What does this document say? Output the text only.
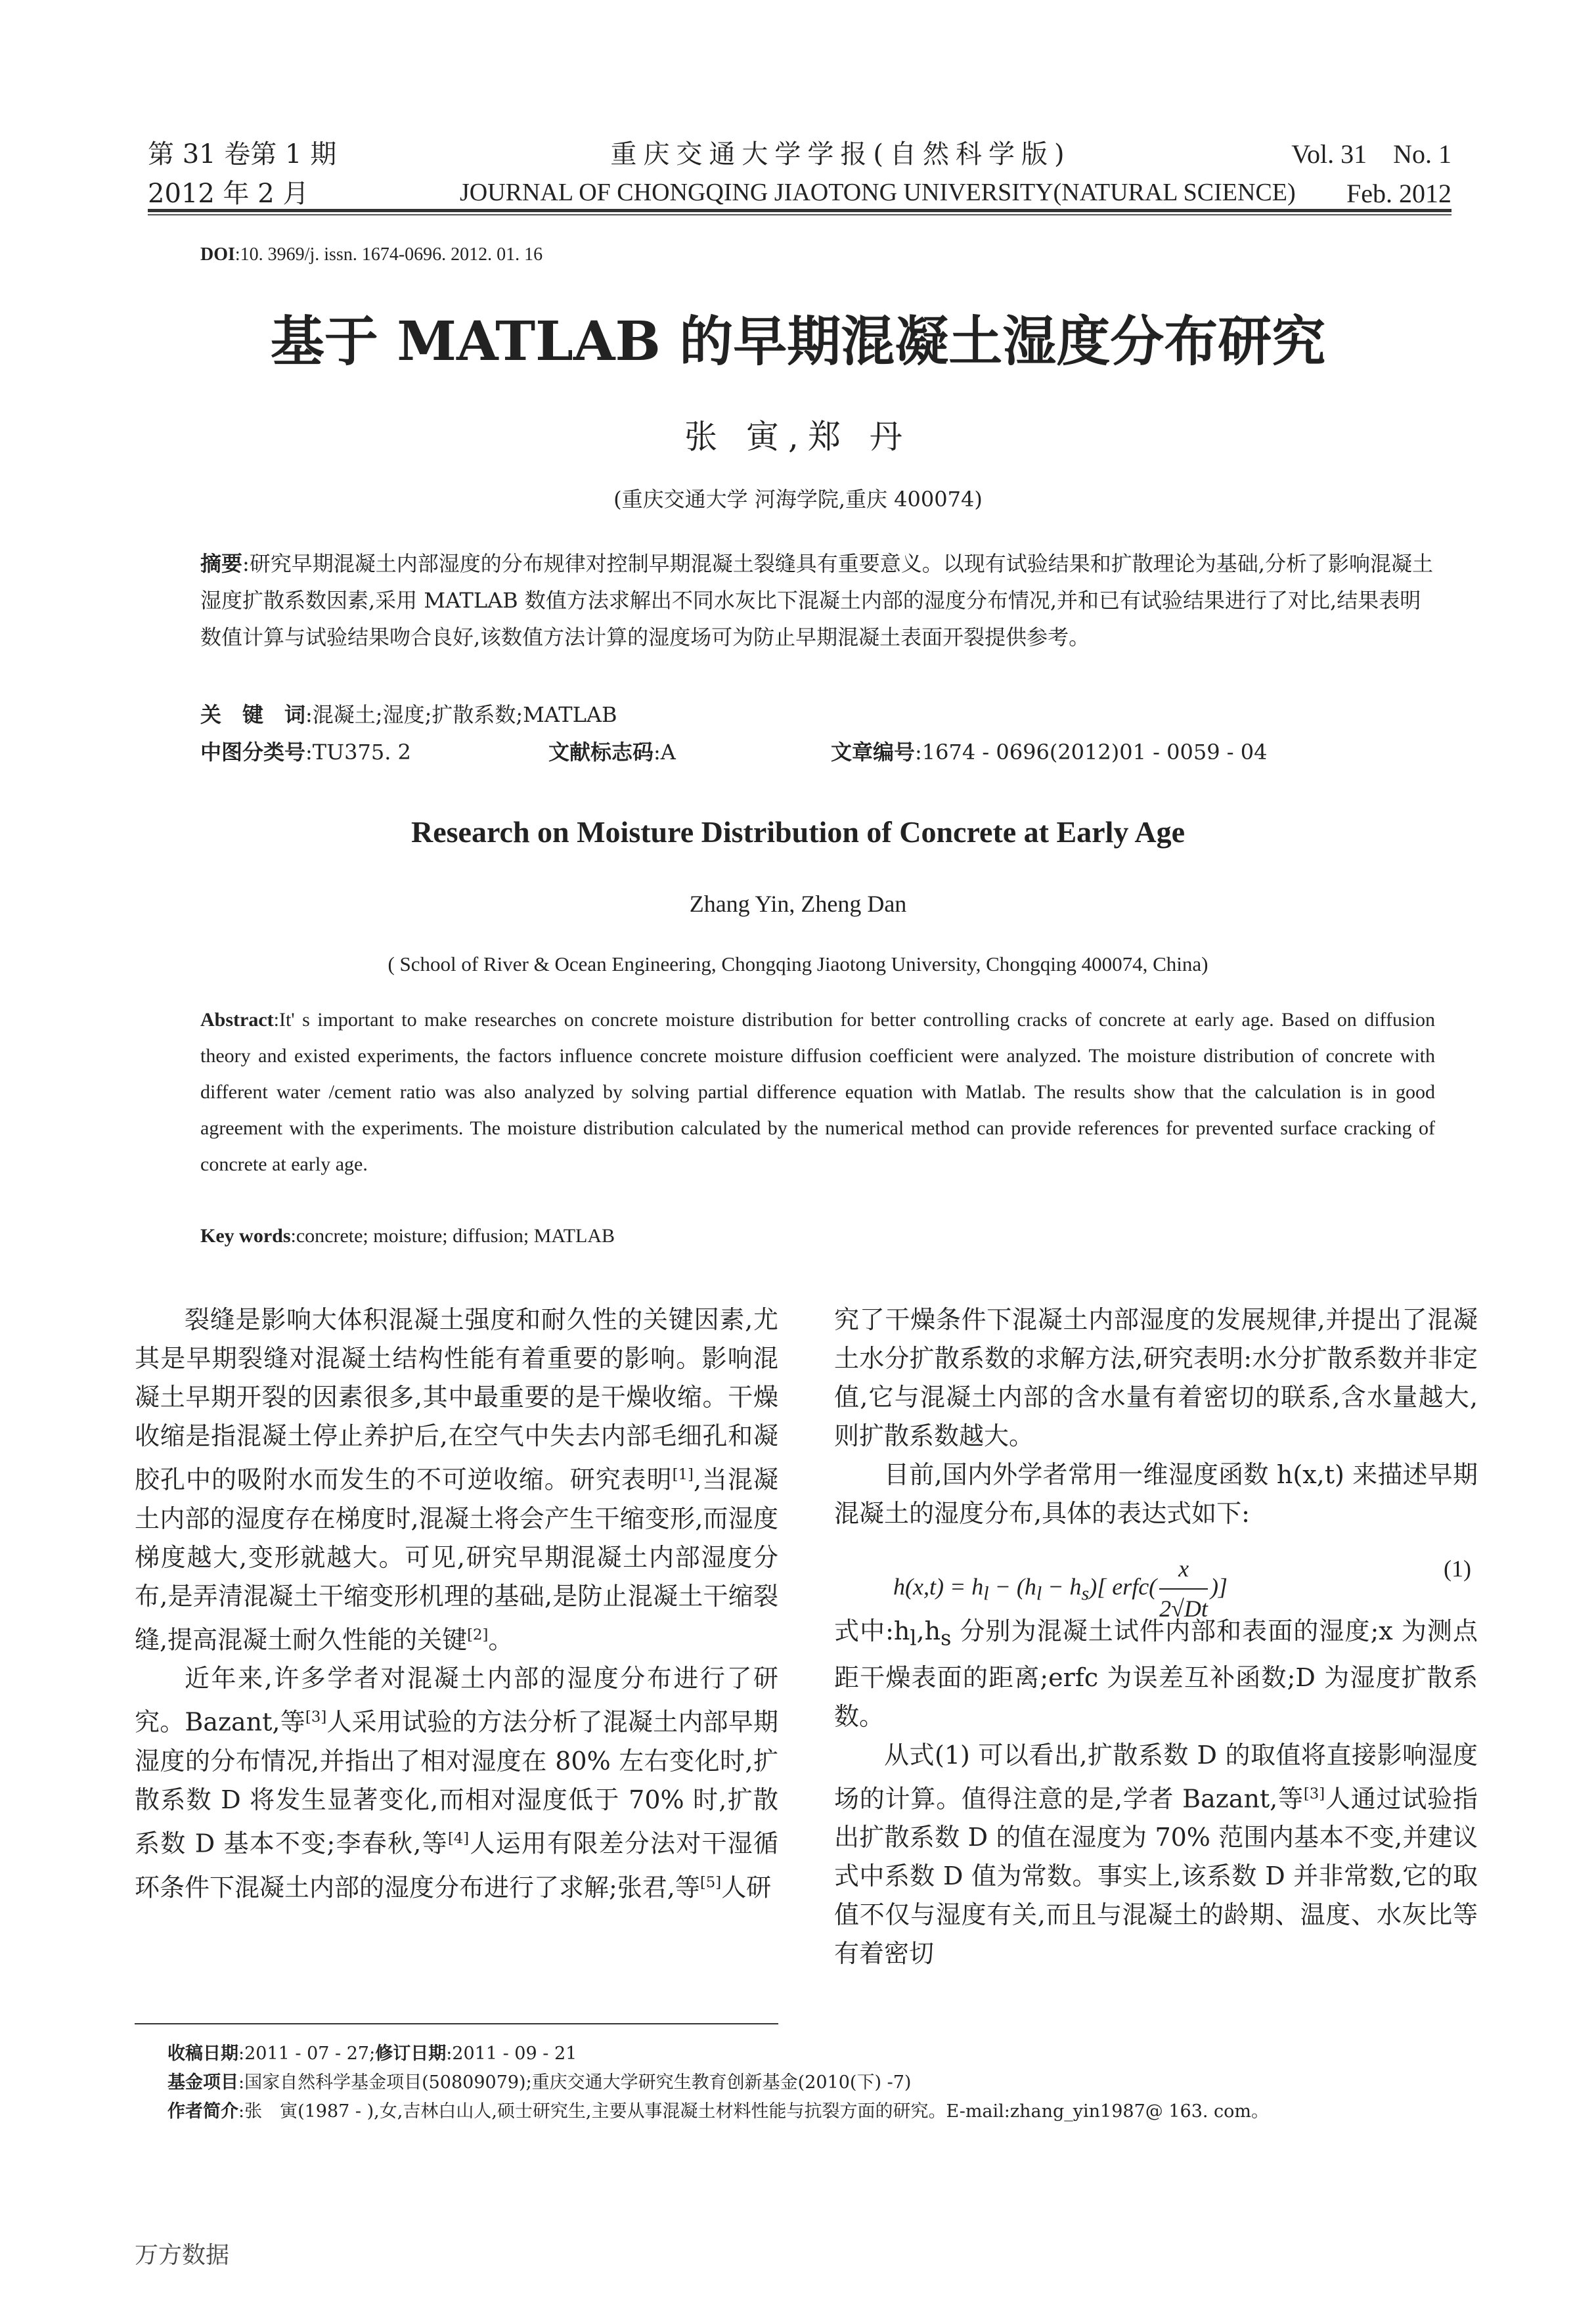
第 31 卷第 1 期
2012 年 2 月
重庆交通大学学报(自然科学版)
JOURNAL OF CHONGQING JIAOTONG UNIVERSITY(NATURAL SCIENCE)
Vol. 31    No. 1
Feb. 2012
DOI:10. 3969/j. issn. 1674-0696. 2012. 01. 16
基于 MATLAB 的早期混凝土湿度分布研究
张 寅,郑 丹
(重庆交通大学 河海学院,重庆 400074)

摘要:研究早期混凝土内部湿度的分布规律对控制早期混凝土裂缝具有重要意义。以现有试验结果和扩散理论为基础,分析了影响混凝土湿度扩散系数因素,采用 MATLAB 数值方法求解出不同水灰比下混凝土内部的湿度分布情况,并和已有试验结果进行了对比,结果表明数值计算与试验结果吻合良好,该数值方法计算的湿度场可为防止早期混凝土表面开裂提供参考。

关　键　词:混凝土;湿度;扩散系数;MATLAB

中图分类号:TU375. 2	文献标志码:A	文章编号:1674 - 0696(2012)01 - 0059 - 04
Research on Moisture Distribution of Concrete at Early Age
Zhang Yin, Zheng Dan
( School of River & Ocean Engineering, Chongqing Jiaotong University, Chongqing 400074, China)
Abstract:It' s important to make researches on concrete moisture distribution for better controlling cracks of concrete at early age. Based on diffusion theory and existed experiments, the factors influence concrete moisture diffusion coefficient were analyzed. The moisture distribution of concrete with different water /cement ratio was also analyzed by solving partial difference equation with Matlab. The results show that the calculation is in good agreement with the experiments. The moisture distribution calculated by the numerical method can provide references for prevented surface cracking of concrete at early age.
Key words:concrete; moisture; diffusion; MATLAB

裂缝是影响大体积混凝土强度和耐久性的关键因素,尤其是早期裂缝对混凝土结构性能有着重要的影响。影响混凝土早期开裂的因素很多,其中最重要的是干燥收缩。干燥收缩是指混凝土停止养护后,在空气中失去内部毛细孔和凝胶孔中的吸附水而发生的不可逆收缩。研究表明[1],当混凝土内部的湿度存在梯度时,混凝土将会产生干缩变形,而湿度梯度越大,变形就越大。可见,研究早期混凝土内部湿度分布,是弄清混凝土干缩变形机理的基础,是防止混凝土干缩裂缝,提高混凝土耐久性能的关键[2]。

近年来,许多学者对混凝土内部的湿度分布进行了研究。Bazant,等[3]人采用试验的方法分析了混凝土内部早期湿度的分布情况,并指出了相对湿度在 80% 左右变化时,扩散系数 D 将发生显著变化,而相对湿度低于 70% 时,扩散系数 D 基本不变;李春秋,等[4]人运用有限差分法对干湿循环条件下混凝土内部的湿度分布进行了求解;张君,等[5]人研

究了干燥条件下混凝土内部湿度的发展规律,并提出了混凝土水分扩散系数的求解方法,研究表明:水分扩散系数并非定值,它与混凝土内部的含水量有着密切的联系,含水量越大,则扩散系数越大。

目前,国内外学者常用一维湿度函数 h(x,t) 来描述早期混凝土的湿度分布,具体的表达式如下:

$h(x,t) = h_l - (h_l - h_s)$[ erfc( $\frac{x}{2√Dt}$ )]
(1)

式中$:h_l,h_s$ 分别为混凝土试件内部和表面的湿度;x 为测点距干燥表面的距离;erfc 为误差互补函数;D 为湿度扩散系数。

从式(1) 可以看出,扩散系数 D 的取值将直接影响湿度场的计算。值得注意的是,学者 Bazant,等[3]人通过试验指出扩散系数 D 的值在湿度为 70% 范围内基本不变,并建议式中系数 D 值为常数。事实上,该系数 D 并非常数,它的取值不仅与湿度有关,而且与混凝土的龄期、温度、水灰比等有着密切

收稿日期:2011 - 07 - 27;修订日期:2011 - 09 - 21

基金项目:国家自然科学基金项目(50809079);重庆交通大学研究生教育创新基金(2010(下) -7)

作者简介:张　寅(1987 - ),女,吉林白山人,硕士研究生,主要从事混凝土材料性能与抗裂方面的研究。E-mail:zhang_yin1987@ 163. com。

万方数据
